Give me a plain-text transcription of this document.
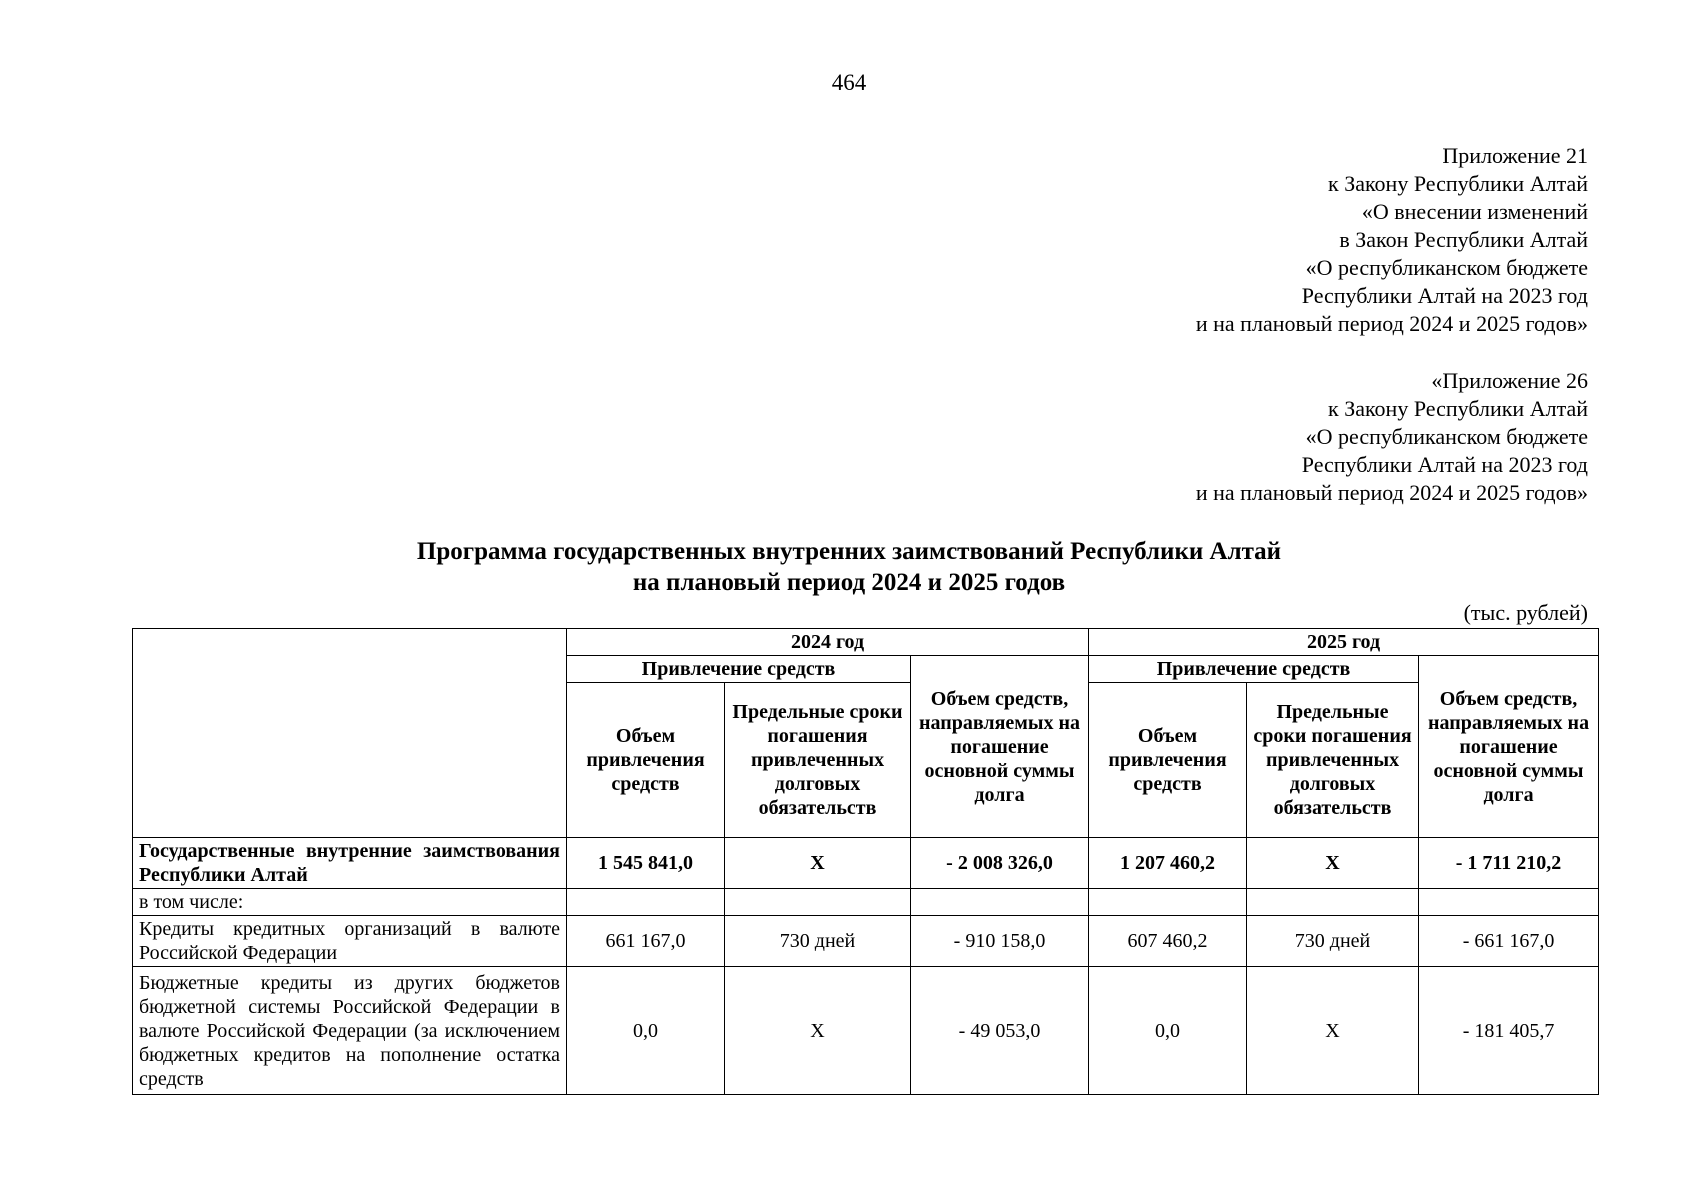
464
Приложение 21
к Закону Республики Алтай
«О внесении изменений
в Закон Республики Алтай
«О республиканском бюджете
Республики Алтай на 2023 год
и на плановый период 2024 и 2025 годов»
«Приложение 26
к Закону Республики Алтай
«О республиканском бюджете
Республики Алтай на 2023 год
и на плановый период 2024 и 2025 годов»
Программа государственных внутренних заимствований Республики Алтай
на плановый период 2024 и 2025 годов
(тыс. рублей)
	2024 год			2025 год		
	Привлечение средств		Объем средств, направляемых на погашение основной суммы долга	Привлечение средств		Объем средств, направляемых на погашение основной суммы долга
	Объем привлечения средств	Предельные сроки погашения привлеченных долговых обязательств		Объем привлечения средств	Предельные сроки погашения привлеченных долговых обязательств	
Государственные внутренние заимствования Республики Алтай	1 545 841,0	X	- 2 008 326,0	1 207 460,2	X	- 1 711 210,2
в том числе:						
Кредиты кредитных организаций в валюте Российской Федерации	661 167,0	730 дней	- 910 158,0	607 460,2	730 дней	- 661 167,0
Бюджетные кредиты из других бюджетов бюджетной системы Российской Федерации в валюте Российской Федерации (за исключением бюджетных кредитов на пополнение остатка средств	0,0	X	- 49 053,0	0,0	X	- 181 405,7
